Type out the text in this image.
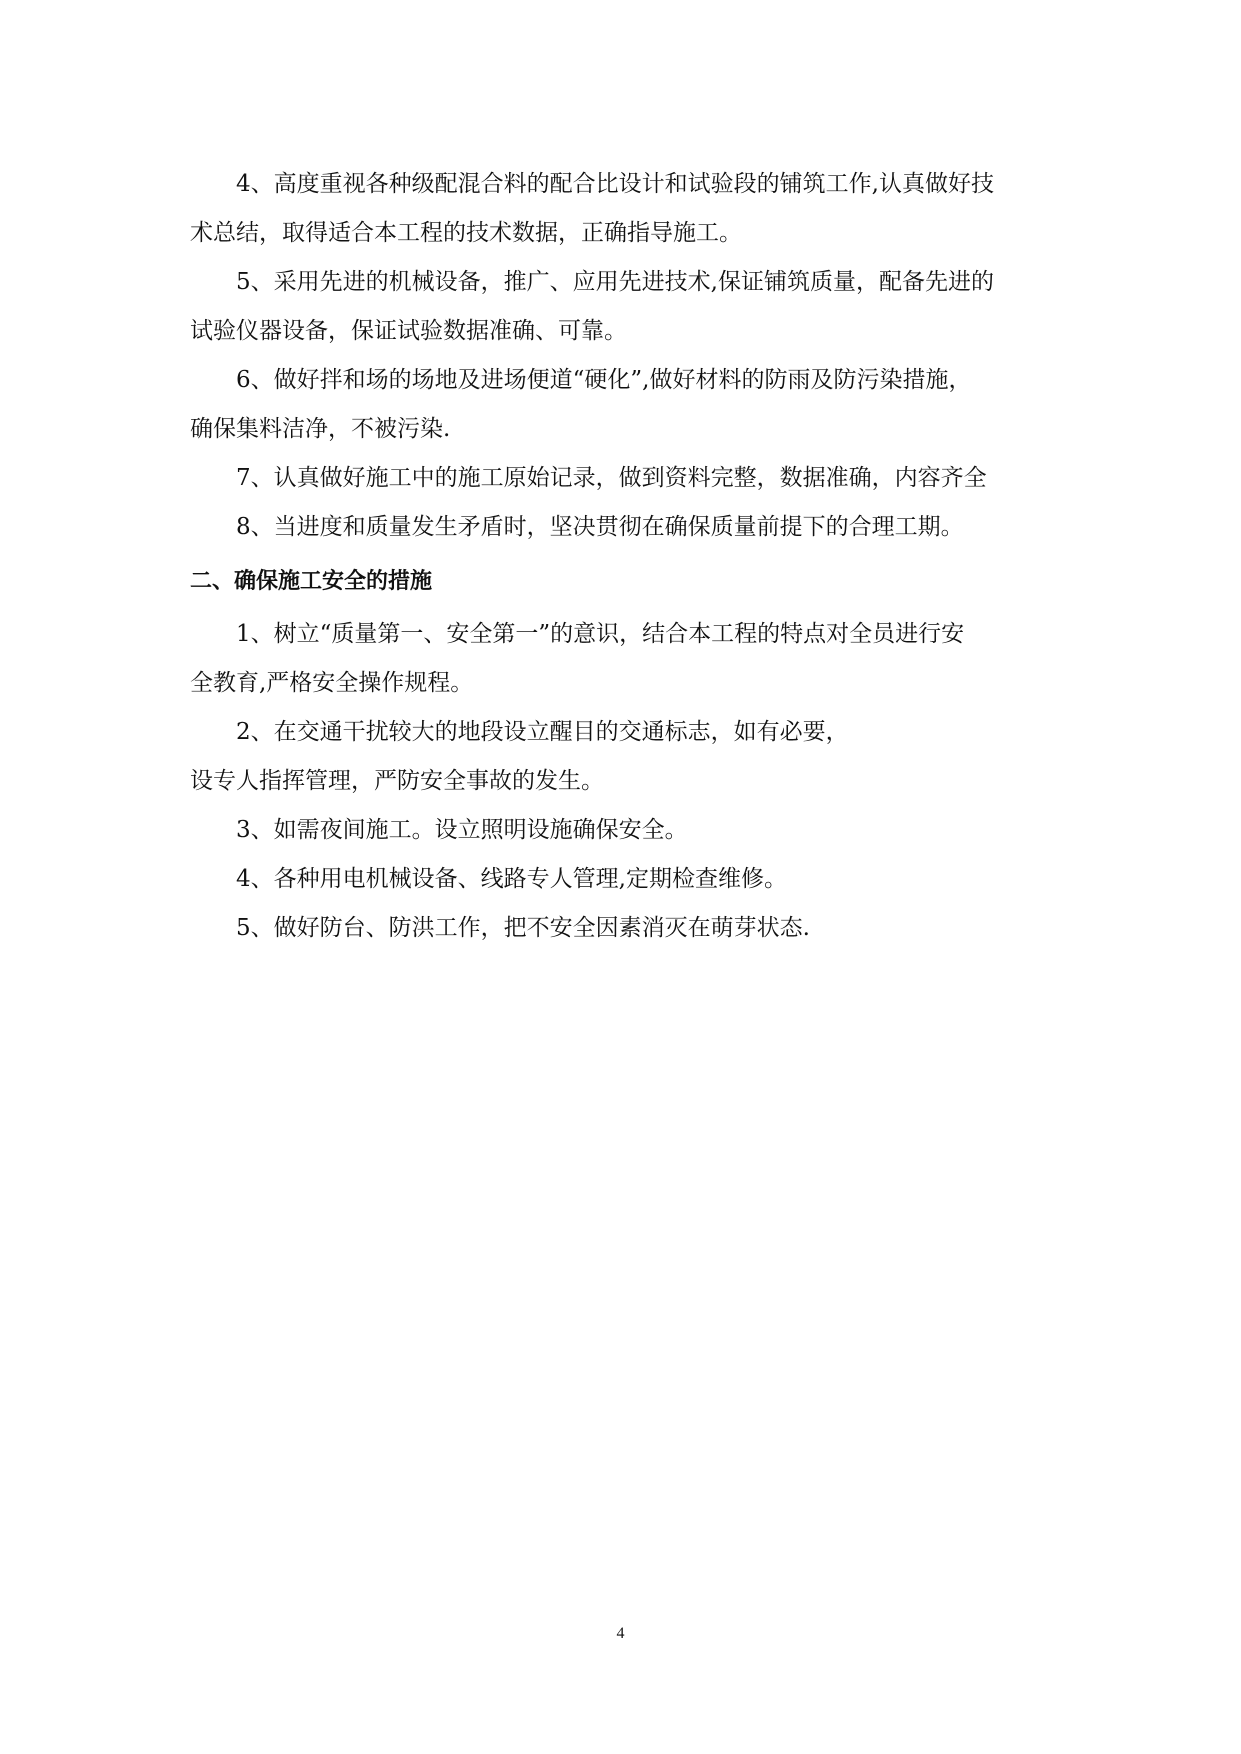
4、高度重视各种级配混合料的配合比设计和试验段的铺筑工作,认真做好技
术总结，取得适合本工程的技术数据，正确指导施工。
5、采用先进的机械设备，推广、应用先进技术,保证铺筑质量，配备先进的
试验仪器设备，保证试验数据准确、可靠。
6、做好拌和场的场地及进场便道“硬化”,做好材料的防雨及防污染措施，
确保集料洁净，不被污染.
7、认真做好施工中的施工原始记录，做到资料完整，数据准确，内容齐全
8、当进度和质量发生矛盾时，坚决贯彻在确保质量前提下的合理工期。
二、确保施工安全的措施
1、树立“质量第一、安全第一”的意识，结合本工程的特点对全员进行安
全教育,严格安全操作规程。
2、在交通干扰较大的地段设立醒目的交通标志，如有必要，
设专人指挥管理，严防安全事故的发生。
3、如需夜间施工。设立照明设施确保安全。
4、各种用电机械设备、线路专人管理,定期检查维修。
5、做好防台、防洪工作，把不安全因素消灭在萌芽状态.
4
